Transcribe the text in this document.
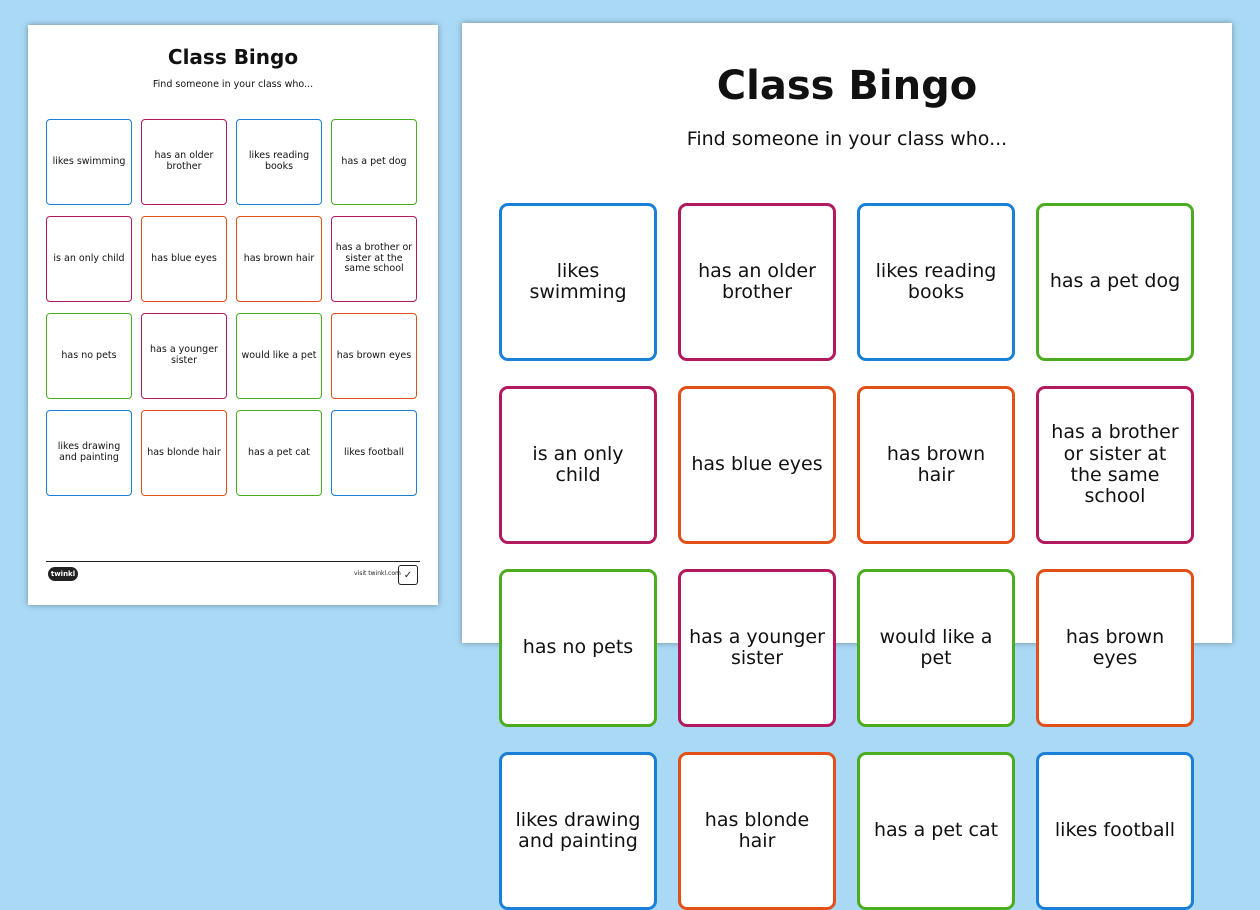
Class Bingo
Find someone in your class who...
likes swimming	has an older brother
likes reading books	has a pet dog
is an only child	has blue eyes	has brown hair
has a brother or sister at the same school
has no pets	has a younger sister	would like a pet	has brown eyes
likes drawing and painting	has blonde hair	has a pet cat	likes football
twinkl	visit twinkl.com ✓
Class Bingo
Find someone in your class who...
likes swimming
has an older brother
likes reading books	has a pet dog
is an only child	has blue eyes	has brown hair
has a brother or sister at the same school
has no pets	has a younger sister
would like a pet
has brown eyes
likes drawing and painting
has blonde hair	has a pet cat	likes football
